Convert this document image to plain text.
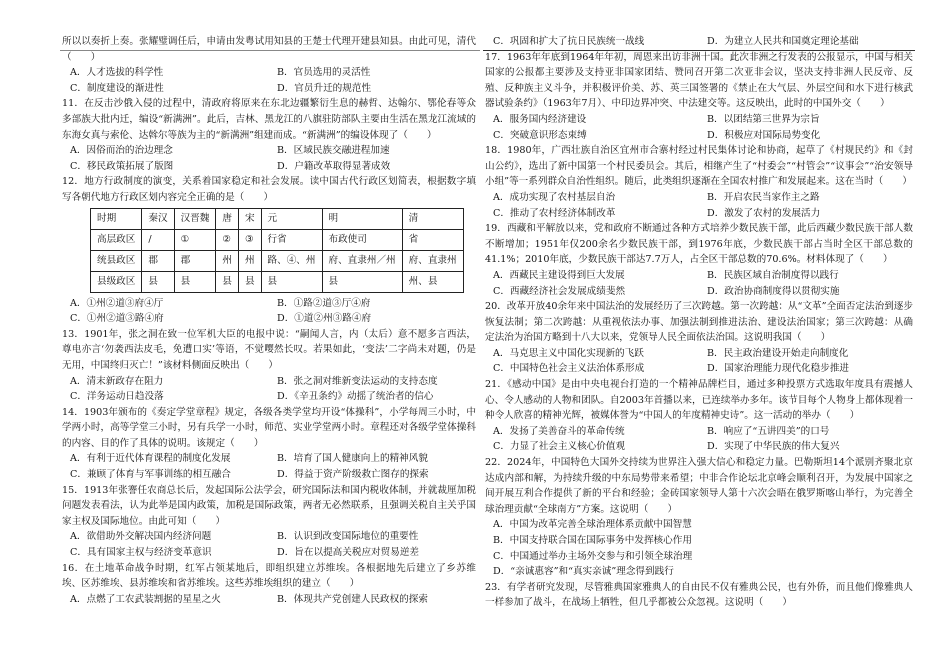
所以以奏折上奏。张耀璧调任后，申请由发粤试用知县的王楚士代理开建县知县。由此可见，清代（　　）

A．人才选拔的科学性	B．官员选用的灵活性
C．制度建设的渐进性	D．官员升迁的规范性

11．在反击沙俄入侵的过程中，清政府将原来在东北边疆繁衍生息的赫哲、达翰尔、鄂伦春等众多部族大批内迁，编设“新满洲”。此后，吉林、黑龙江的八旗驻防部队主要由生活在黑龙江流域的东海女真与索伦、达斡尔等族为主的“新满洲”组建而成。“新满洲”的编设体现了（　　）

A．因俗而治的治边理念	B．区域民族交融进程加速
C．移民政策拓展了版图	D．户籍改革取得显著成效

12．地方行政制度的演变，关系着国家稳定和社会发展。读中国古代行政区划简表，根据数字填写各朝代地方行政区划内容完全正确的是（　　）

时期	秦汉	汉晋魏	唐	宋	元	明	清
高层政区	/	①	②	③	行省	布政使司	省
统县政区	郡	郡	州	州	路、④、州	府、直隶州／州	府、直隶州
县级政区	县	县	县	县	县	县	州、县
A．①州②道③府④厅	B．①路②道③厅④府
C．①州②道③路④府	D．①道②州③路④府

13．1901年，张之洞在致一位军机大臣的电报中说：“嗣闻人言，内（太后）意不愿多言西法，尊电亦言‘勿袭西法皮毛，免遭口实’等语，不觉嘤然长叹。若果如此，‘变法’二字尚未对题，仍是无用，中国终归灭亡！”该材料侧面反映出（　　）

A．清末新政存在阻力	B．张之洞对维新变法运动的支持态度
C．洋务运动日趋没落	D．《辛丑条约》动摇了统治者的信心

14．1903年颁布的《奏定学堂章程》规定，各级各类学堂均开设“体操科”，小学每周三小时，中学两小时，高等学堂三小时，另有兵学一小时，师范、实业学堂两小时。章程还对各级学堂体操科的内容、目的作了具体的说明。该规定（　　）

A．有利于近代体育课程的制度化发展	B．培育了国人健康向上的精神风貌
C．兼顾了体育与军事训练的相互融合	D．得益于资产阶级救亡图存的探索

15．1913年张謇任农商总长后，发起国际公法学会，研究国际法和国内税收体制，并就裁厘加税问题发表看法，认为此举是国内政策，加税是国际政策，两者无必然联系，且强调关税自主关乎国家主权及国际地位。由此可知（　　）

A．欲借助外交解决国内经济问题	B．认识到改变国际地位的重要性
C．具有国家主权与经济变革意识	D．旨在以提高关税应对贸易逆差

16．在土地革命战争时期，红军占领某地后，即组织建立苏维埃。各根据地先后建立了乡苏维埃、区苏维埃、县苏维埃和省苏维埃。这些苏维埃组织的建立（　　）

A．点燃了工农武装割据的星星之火	B．体现共产党创建人民政权的探索
C．巩固和扩大了抗日民族统一战线	D．为建立人民共和国奠定理论基础

17．1963年年底到1964年年初，周恩来出访非洲十国。此次非洲之行发表的公报显示，中国与相关国家的公报都主要涉及支持亚非国家团结、赞同召开第二次亚非会议，坚决支持非洲人民反帝、反殖、反种族主义斗争，并积极评价美、苏、英三国签署的《禁止在大气层、外层空间和水下进行核武器试验条约》（1963年7月）、中印边界冲突、中法建交等。这反映出，此时的中国外交（　　）

A．服务国内经济建设	B．以团结第三世界为宗旨
C．突破意识形态束缚	D．积极应对国际局势变化

18．1980年，广西壮族自治区宜州市合寨村经过村民集体讨论和协商，起草了《村规民约》和《封山公约》，选出了新中国第一个村民委员会。其后，相继产生了“村委会”“村管会”“议事会”“治安领导小组”等一系列群众自治性组织。随后，此类组织逐渐在全国农村推广和发展起来。这在当时（　　）

A．成功实现了农村基层自治	B．开启农民当家作主之路
C．推动了农村经济体制改革	D．激发了农村的发展活力

19．西藏和平解放以来，党和政府不断通过各种方式培养少数民族干部，此后西藏少数民族干部人数不断增加；1951年仅200余名少数民族干部，到1976年底，少数民族干部占当时全区干部总数的41.1%；2010年底，少数民族干部达7.7万人，占全区干部总数的70.6%。材料体现了（　　）

A．西藏民主建设得到巨大发展	B．民族区域自治制度得以践行
C．西藏经济社会发展成绩斐然	D．政治协商制度得以贯彻实施

20．改革开放40余年来中国法治的发展经历了三次跨越。第一次跨越：从“文革”全面否定法治到逐步恢复法制；第二次跨越：从重视依法办事、加强法制到推进法治、建设法治国家；第三次跨越：从确定法治为治国方略到十八大以来，党领导人民全面依法治国。这说明我国（　　）

A．马克思主义中国化实现新的飞跃	B．民主政治建设开始走向制度化
C．中国特色社会主义法治体系形成	D．国家治理能力现代化稳步推进

21．《感动中国》是由中央电视台打造的一个精神品牌栏目，通过多种投票方式选取年度具有震撼人心、令人感动的人物和团队。自2003年首播以来，已连续举办多年。该节目每个人物身上都体现着一种令人欣喜的精神光辉，被媒体誉为“中国人的年度精神史诗”。这一活动的举办（　　）

A．发扬了美善奋斗的革命传统	B．响应了“五讲四美”的口号
C．力显了社会主义核心价值观	D．实现了中华民族的伟大复兴

22．2024年，中国特色大国外交持续为世界注入强大信心和稳定力量。巴勒斯坦14个派别齐聚北京达成内部和解，为持续升级的中东局势带来希望；中非合作论坛北京峰会顺利召开，为发展中国家之间开展互利合作提供了新的平台和经验；金砖国家领导人第十六次会晤在俄罗斯喀山举行，为完善全球治理贡献“全球南方”方案。这说明（　　）

A．中国为改革完善全球治理体系贡献中国智慧
B．中国支持联合国在国际事务中发挥核心作用
C．中国通过举办主场外交参与和引领全球治理
D．“亲诚惠容”和“真实亲诚”理念得到践行

23．有学者研究发现，尽管雅典国家雅典人的自由民不仅有雅典公民，也有外侨，而且他们像雅典人一样参加了战斗，在战场上牺牲，但几乎都被公众忽视。这说明（　　）
